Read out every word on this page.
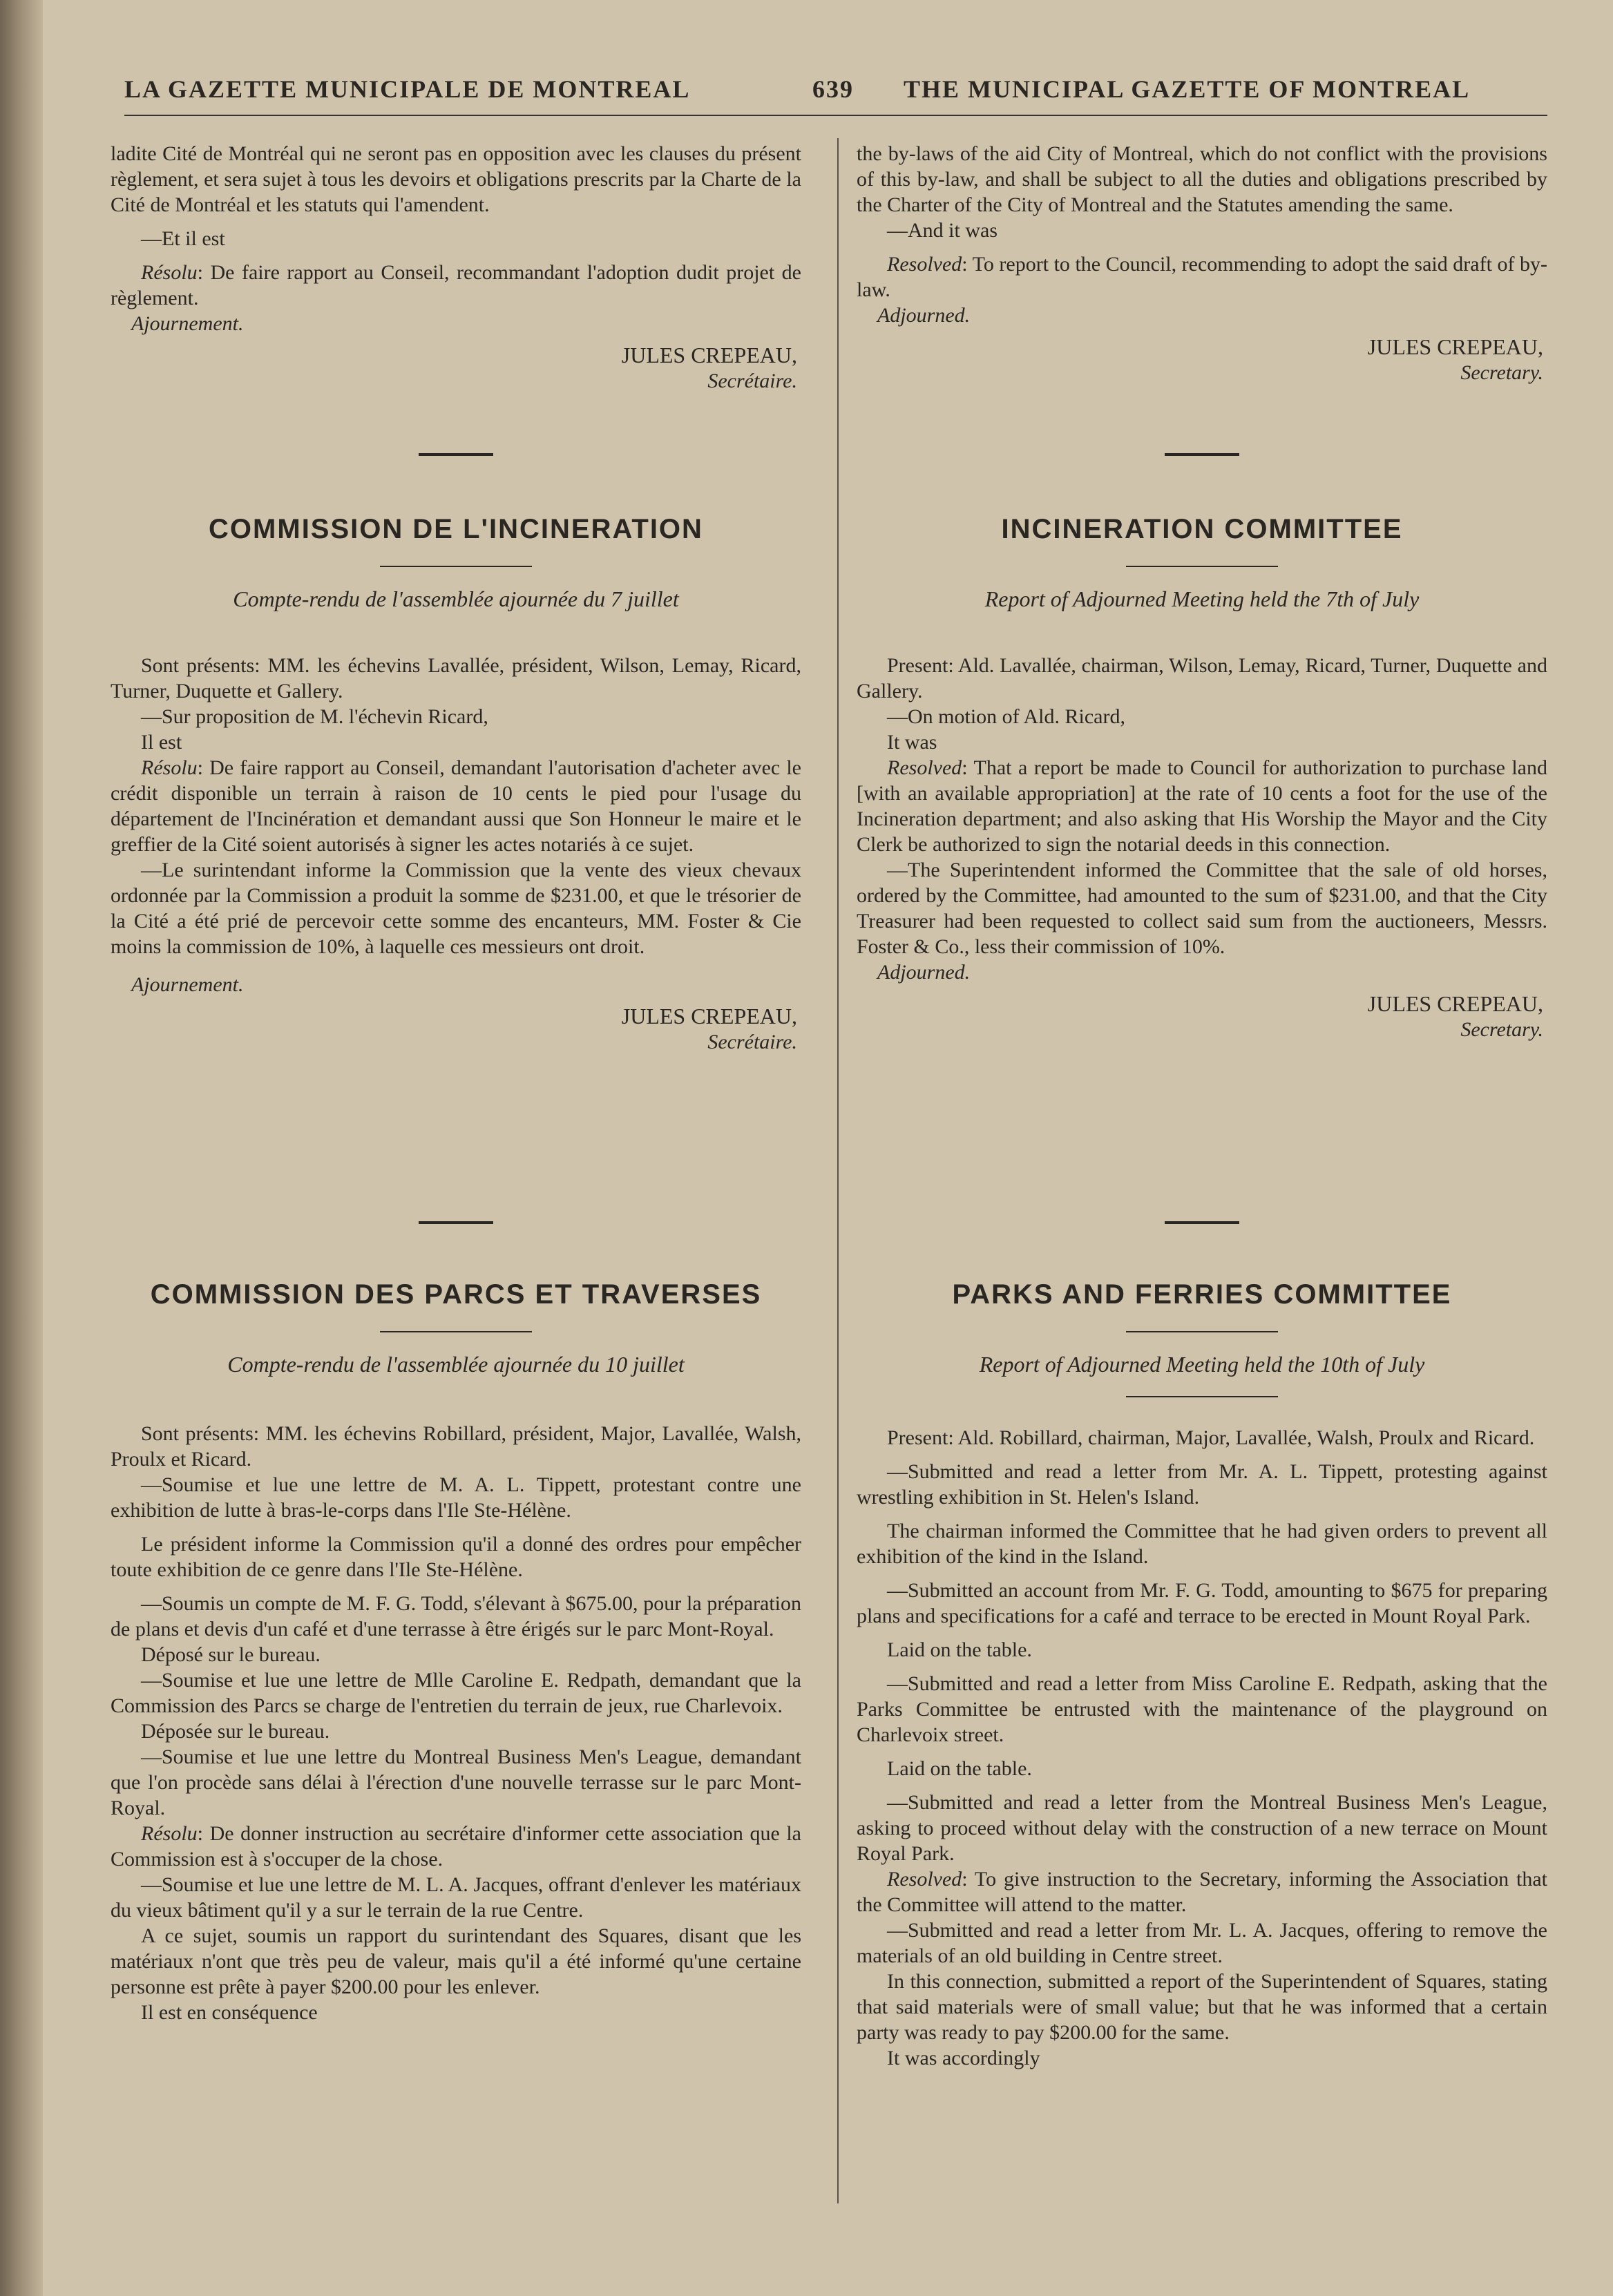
LA GAZETTE MUNICIPALE DE MONTREAL	639 THE MUNICIPAL GAZETTE OF MONTREAL

ladite Cité de Montréal qui ne seront pas en opposition avec les clauses du présent règlement, et sera sujet à tous les devoirs et obligations prescrits par la Charte de la Cité de Montréal et les statuts qui l'amendent.

—Et il est

Résolu: De faire rapport au Conseil, recommandant l'adoption dudit projet de règlement.

Ajournement.

JULES CREPEAU,
Secrétaire.
COMMISSION DE L'INCINERATION
Compte-rendu de l'assemblée ajournée du 7 juillet

Sont présents: MM. les échevins Lavallée, président, Wilson, Lemay, Ricard, Turner, Duquette et Gallery.

—Sur proposition de M. l'échevin Ricard,

Il est

Résolu: De faire rapport au Conseil, demandant l'autorisation d'acheter avec le crédit disponible un terrain à raison de 10 cents le pied pour l'usage du département de l'Incinération et demandant aussi que Son Honneur le maire et le greffier de la Cité soient autorisés à signer les actes notariés à ce sujet.

—Le surintendant informe la Commission que la vente des vieux chevaux ordonnée par la Commission a produit la somme de $231.00, et que le trésorier de la Cité a été prié de percevoir cette somme des encanteurs, MM. Foster & Cie moins la commission de 10%, à laquelle ces messieurs ont droit.

Ajournement.

JULES CREPEAU,
Secrétaire.
COMMISSION DES PARCS ET TRAVERSES
Compte-rendu de l'assemblée ajournée du 10 juillet

Sont présents: MM. les échevins Robillard, président, Major, Lavallée, Walsh, Proulx et Ricard.

—Soumise et lue une lettre de M. A. L. Tippett, protestant contre une exhibition de lutte à bras-le-corps dans l'Ile Ste-Hélène.

Le président informe la Commission qu'il a donné des ordres pour empêcher toute exhibition de ce genre dans l'Ile Ste-Hélène.

—Soumis un compte de M. F. G. Todd, s'élevant à $675.00, pour la préparation de plans et devis d'un café et d'une terrasse à être érigés sur le parc Mont-Royal.

Déposé sur le bureau.

—Soumise et lue une lettre de Mlle Caroline E. Redpath, demandant que la Commission des Parcs se charge de l'entretien du terrain de jeux, rue Charlevoix.

Déposée sur le bureau.

—Soumise et lue une lettre du Montreal Business Men's League, demandant que l'on procède sans délai à l'érection d'une nouvelle terrasse sur le parc Mont-Royal.

Résolu: De donner instruction au secrétaire d'informer cette association que la Commission est à s'occuper de la chose.

—Soumise et lue une lettre de M. L. A. Jacques, offrant d'enlever les matériaux du vieux bâtiment qu'il y a sur le terrain de la rue Centre.

A ce sujet, soumis un rapport du surintendant des Squares, disant que les matériaux n'ont que très peu de valeur, mais qu'il a été informé qu'une certaine personne est prête à payer $200.00 pour les enlever.

Il est en conséquence

the by-laws of the aid City of Montreal, which do not conflict with the provisions of this by-law, and shall be subject to all the duties and obligations prescribed by the Charter of the City of Montreal and the Statutes amending the same.

—And it was

Resolved: To report to the Council, recommending to adopt the said draft of by-law.

Adjourned.

JULES CREPEAU,
Secretary.
INCINERATION COMMITTEE
Report of Adjourned Meeting held the 7th of July

Present: Ald. Lavallée, chairman, Wilson, Lemay, Ricard, Turner, Duquette and Gallery.

—On motion of Ald. Ricard,

It was

Resolved: That a report be made to Council for authorization to purchase land [with an available appropriation] at the rate of 10 cents a foot for the use of the Incineration department; and also asking that His Worship the Mayor and the City Clerk be authorized to sign the notarial deeds in this connection.

—The Superintendent informed the Committee that the sale of old horses, ordered by the Committee, had amounted to the sum of $231.00, and that the City Treasurer had been requested to collect said sum from the auctioneers, Messrs. Foster & Co., less their commission of 10%.

Adjourned.

JULES CREPEAU,
Secretary.
PARKS AND FERRIES COMMITTEE
Report of Adjourned Meeting held the 10th of July

Present: Ald. Robillard, chairman, Major, Lavallée, Walsh, Proulx and Ricard.

—Submitted and read a letter from Mr. A. L. Tippett, protesting against wrestling exhibition in St. Helen's Island.

The chairman informed the Committee that he had given orders to prevent all exhibition of the kind in the Island.

—Submitted an account from Mr. F. G. Todd, amounting to $675 for preparing plans and specifications for a café and terrace to be erected in Mount Royal Park.

Laid on the table.

—Submitted and read a letter from Miss Caroline E. Redpath, asking that the Parks Committee be entrusted with the maintenance of the playground on Charlevoix street.

Laid on the table.

—Submitted and read a letter from the Montreal Business Men's League, asking to proceed without delay with the construction of a new terrace on Mount Royal Park.

Resolved: To give instruction to the Secretary, informing the Association that the Committee will attend to the matter.

—Submitted and read a letter from Mr. L. A. Jacques, offering to remove the materials of an old building in Centre street.

In this connection, submitted a report of the Superintendent of Squares, stating that said materials were of small value; but that he was informed that a certain party was ready to pay $200.00 for the same.

It was accordingly
